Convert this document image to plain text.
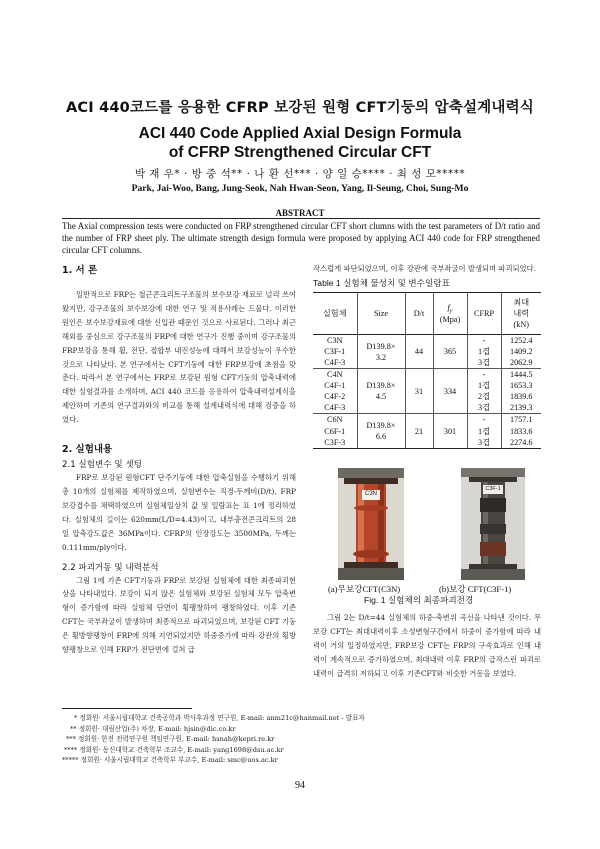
ACI 440코드를 응용한 CFRP 보강된 원형 CFT기둥의 압축설계내력식
ACI 440 Code Applied Axial Design Formula
of CFRP Strengthened Circular CFT
박 재 우* · 방 중 석** · 나 환 선*** · 양 일 승**** · 최 성 모*****
Park, Jai-Woo, Bang, Jung-Seok, Nah Hwan-Seon, Yang, Il-Seung, Choi, Sung-Mo
ABSTRACT
The Axial compression tests were conducted on FRP strengthened circular CFT short clumns with the test parameters of D/t ratio and the number of FRP sheet ply. The ultimate strength design formula were proposed by applying ACI 440 code for FRP strengthened circular CFT columns.
1. 서 론
일반적으로 FRP는 철근콘크리트구조물의 보수보강 재료로 널리 쓰여 왔지만, 강구조물의 보수보강에 대한 연구 및 적용사례는 드물다. 이러한 원인은 보수보강재료에 대한 신입관 때문인 것으로 사료된다. 그러나 최근 해외를 중심으로 강구조물의 FRP에 대한 연구가 진행 중이며 강구조물의 FRP보강을 통해 휨, 전단, 접합부 내진성능에 대해서 보강성능이 우수한 것으로 나타났다. 본 연구에서는 CFT기둥에 대한 FRP보강에 초점을 맞춘다. 따라서 본 연구에서는 FRP로 보강된 원형 CFT기둥의 압축내력에 대한 실험결과를 소개하며, ACI 440 코드를 응용하여 압축내력설계식을 제안하며 기존의 연구결과와의 비교를 통해 설계내력식에 대해 검증을 하였다.
2. 실험내용
2.1 실험변수 및 셋팅
FRP로 보강된 원형CFT 단주기둥에 대한 압축실험을 수행하기 위해 총 10개의 실험체를 제작하였으며, 실험변수는 직경-두께비(D/t), FRP 보강겹수를 채택하였으며 실험체일상치 값 및 일람표는 표 1에 정리하였다. 실험체의 길이는 620mm(L/D=4.43)이고, 내부충전콘크리트의 28일 압축강도값은 36MPa이다. CFRP의 인장강도는 3500MPa, 두께는 0.111mm/ply이다.
2.2 파괴거동 및 내력분석
그림 1에 기존 CFT기둥과 FRP로 보강된 실험체에 대한 최종파괴현상을 나타내었다. 보강이 되지 않은 실험체와 보강된 실험체 모두 압축변형이 증가함에 따라 실험체 단면이 횡팽창하여 팽창하였다. 이후 기존 CFT는 국부좌굴이 발생하며 최종적으로 파괴되었으며, 보강된 CFT 기둥은 횡방향팽창이 FRP에 의해 지연되었지만 하중증가에 따라 강관의 횡방향팽창으로 인해 FRP가 전단면에 걸쳐 급
작스럽게 파단되었으며, 이후 강관에 국부좌굴이 발생되며 파괴되었다.
Table 1 실험체 물성치 및 변수일람표
실험체	Size	D/t	$f_y$
(Mpa)	CFRP	최대
내력
(kN)
C3N	D139.8×
3.2	44	365	-	1252.4
C3F-1				1겹	1409.2
C4F-3				3겹	2062.9
C4N	D139.8×
4.5	31	334	-	1444.5
C4F-1				1겹	1653.3
C4F-2				2겹	1839.6
C4F-3				3겹	2139.3
C6N	D139.8×
6.6	21	301	-	1757.1
C6F-1				1겹	1833.6
C3F-3				3겹	2274.6
C3N
C3F-1
(a)무보강CFT(C3N)	(b)보강 CFT(C3F-1)
Fig. 1 실험체의 최종파괴전경
그림 2는 D/t=44 실험체의 하중-축변위 곡선을 나타낸 것이다. 무보강 CFT는 최대내력이후 소성변형구간에서 하중이 증가함에 따라 내력이 거의 일정하였지만, FRP보강 CFT는 FRP의 구속효과로 인해 내력이 계속적으로 증가하였으며, 최대내력 이후 FRP의 급작스런 파괴로 내력이 급격히 저하되고 이후 기존CFT와 비슷한 거동을 보였다.
* 정회원· 서울시립대학교 건축공학과 박사후과정 연구원, E-mail: anm21c@hanmail.net - 발표자
** 정회원· 대림산업(주) 차장, E-mail: hjsin@dic.co.kr
*** 정회원· 한전 전력연구원 책임연구원, E-mail: hsnah@kepri.re.kr
**** 정회원· 동신대학교 건축학부 조교수, E-mail: yang1698@dsu.ac.kr
***** 정회원· 서울시립대학교 건축학부 부교수, E-mail: smc@uos.ac.kr
94
